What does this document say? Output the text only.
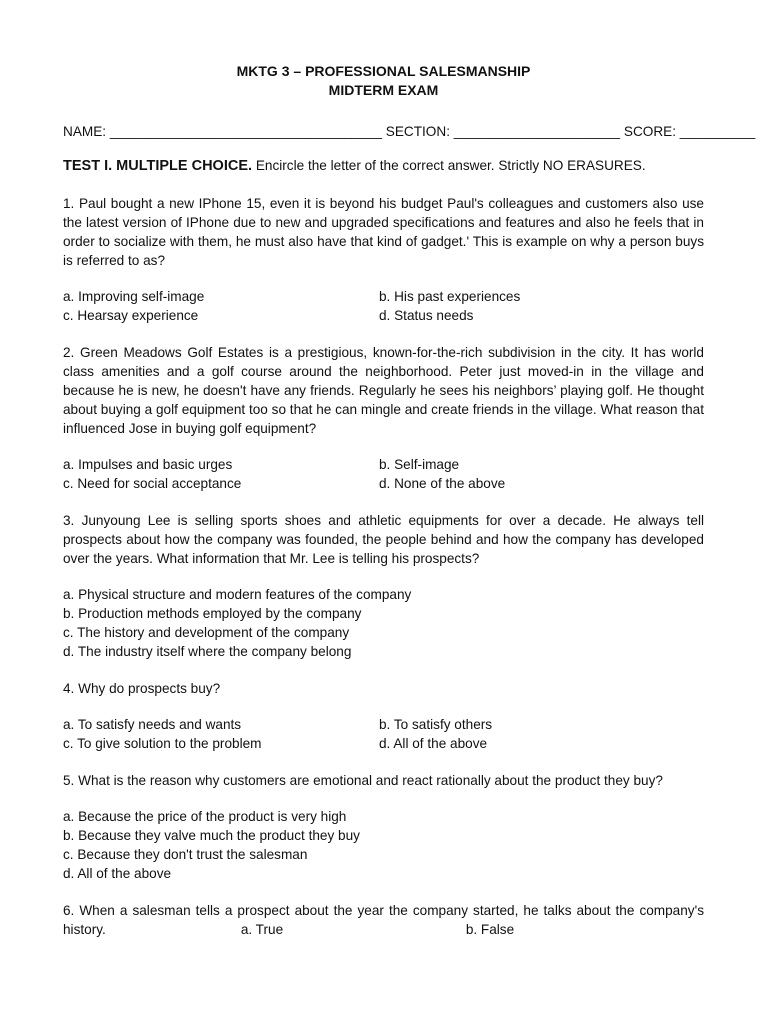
MKTG 3 – PROFESSIONAL SALESMANSHIP

MIDTERM EXAM

NAME: ____________________________________ SECTION: ______________________ SCORE: __________
TEST I. MULTIPLE CHOICE. Encircle the letter of the correct answer. Strictly NO ERASURES.
1. Paul bought a new IPhone 15, even it is beyond his budget Paul's colleagues and customers also use the latest version of IPhone due to new and upgraded specifications and features and also he feels that in order to socialize with them, he must also have that kind of gadget.' This is example on why a person buys is referred to as?
a. Improving self-image	b. His past experiences
c. Hearsay experience	d. Status needs
2. Green Meadows Golf Estates is a prestigious, known-for-the-rich subdivision in the city. It has world class amenities and a golf course around the neighborhood. Peter just moved-in in the village and because he is new, he doesn't have any friends. Regularly he sees his neighbors’ playing golf. He thought about buying a golf equipment too so that he can mingle and create friends in the village. What reason that influenced Jose in buying golf equipment?
a. Impulses and basic urges	b. Self-image
c. Need for social acceptance	d. None of the above
3. Junyoung Lee is selling sports shoes and athletic equipments for over a decade. He always tell prospects about how the company was founded, the people behind and how the company has developed over the years. What information that Mr. Lee is telling his prospects?
a. Physical structure and modern features of the company
b. Production methods employed by the company
c. The history and development of the company
d. The industry itself where the company belong
4. Why do prospects buy?
a. To satisfy needs and wants	b. To satisfy others
c. To give solution to the problem	d. All of the above
5. What is the reason why customers are emotional and react rationally about the product they buy?
a. Because the price of the product is very high
b. Because they valve much the product they buy
c. Because they don't trust the salesman
d. All of the above
6. When a salesman tells a prospect about the year the company started, he talks about the company's history.	a. True	b. False
